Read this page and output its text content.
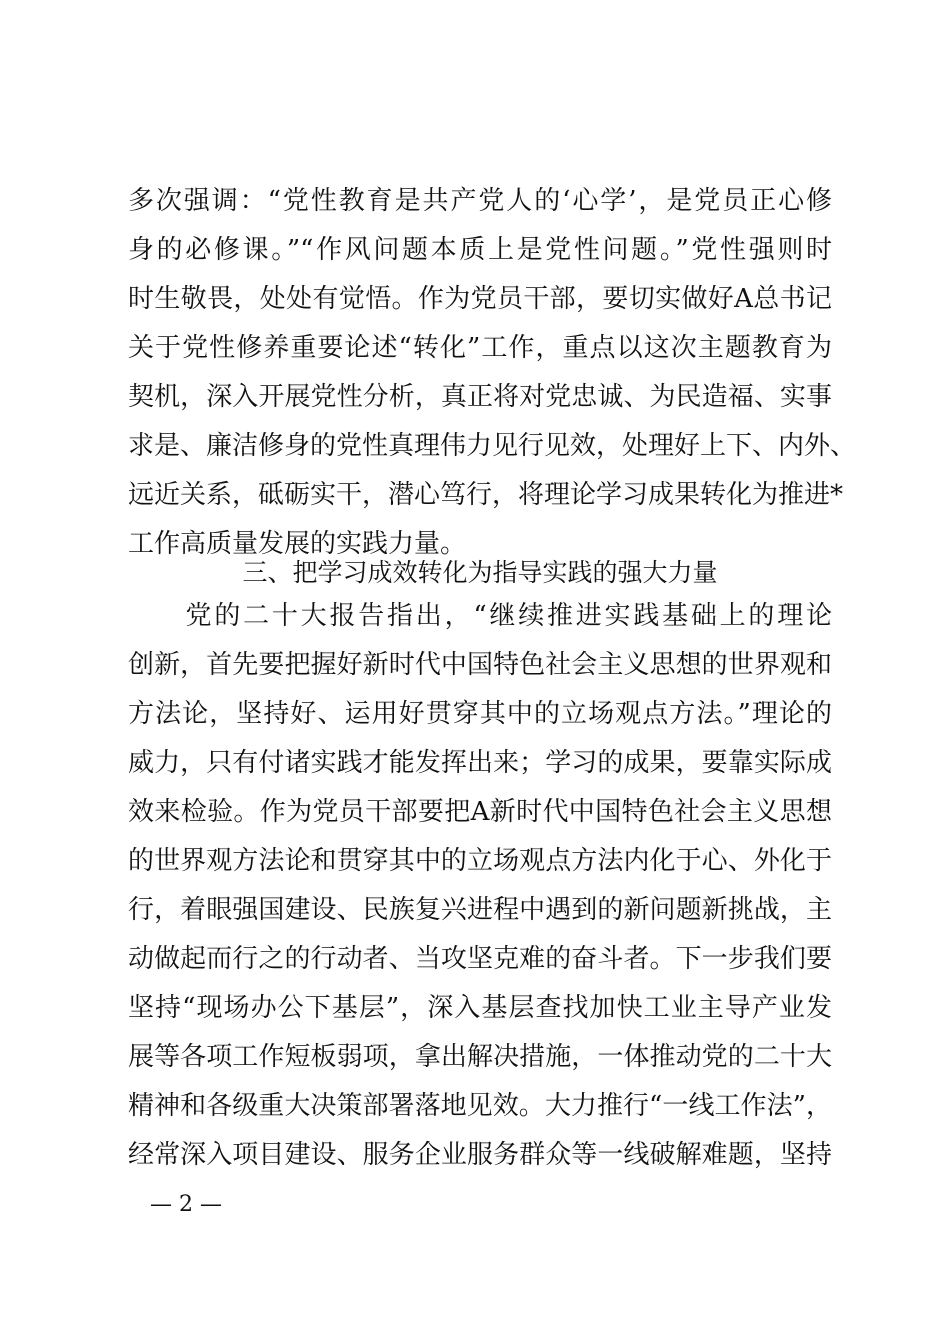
多次强调：“党性教育是共产党人的‘心学’，是党员正心修
身的必修课。”“作风问题本质上是党性问题。”党性强则时
时生敬畏，处处有觉悟。作为党员干部，要切实做好A总书记
关于党性修养重要论述“转化”工作，重点以这次主题教育为
契机，深入开展党性分析，真正将对党忠诚、为民造福、实事
求是、廉洁修身的党性真理伟力见行见效，处理好上下、内外、
远近关系，砥砺实干，潜心笃行，将理论学习成果转化为推进*
工作高质量发展的实践力量。
三、把学习成效转化为指导实践的强大力量
　　党的二十大报告指出，“继续推进实践基础上的理论
创新，首先要把握好新时代中国特色社会主义思想的世界观和
方法论，坚持好、运用好贯穿其中的立场观点方法。”理论的
威力，只有付诸实践才能发挥出来；学习的成果，要靠实际成
效来检验。作为党员干部要把A新时代中国特色社会主义思想
的世界观方法论和贯穿其中的立场观点方法内化于心、外化于
行，着眼强国建设、民族复兴进程中遇到的新问题新挑战，主
动做起而行之的行动者、当攻坚克难的奋斗者。下一步我们要
坚持“现场办公下基层”，深入基层查找加快工业主导产业发
展等各项工作短板弱项，拿出解决措施，一体推动党的二十大
精神和各级重大决策部署落地见效。大力推行“一线工作法”，
经常深入项目建设、服务企业服务群众等一线破解难题，坚持
— 2 —
